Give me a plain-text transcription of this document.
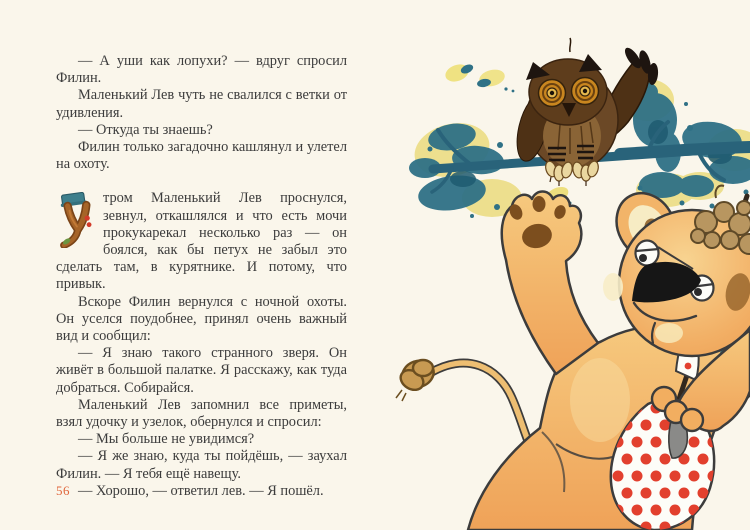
— А уши как лопухи? — вдруг спросил Филин.

Маленький Лев чуть не свалился с ветки от удивления.

— Откуда ты знаешь?

Филин только загадочно кашлянул и улетел на охоту.

тром Маленький Лев проснулся, зевнул, откашлялся и что есть мочи прокукарекал несколько раз — он боялся, как бы петух не забыл это сделать там, в курятнике. И потому, что привык.

Вскоре Филин вернулся с ночной охоты. Он уселся поудобнее, принял очень важный вид и сообщил:

— Я знаю такого странного зверя. Он живёт в большой палатке. Я расскажу, как туда добраться. Собирайся.

Маленький Лев запомнил все приметы, взял удочку и узелок, обернулся и спросил:

— Мы больше не увидимся?

— Я же знаю, куда ты пойдёшь, — заухал Филин. — Я тебя ещё навещу.

— Хорошо, — ответил лев. — Я пошёл.

56
